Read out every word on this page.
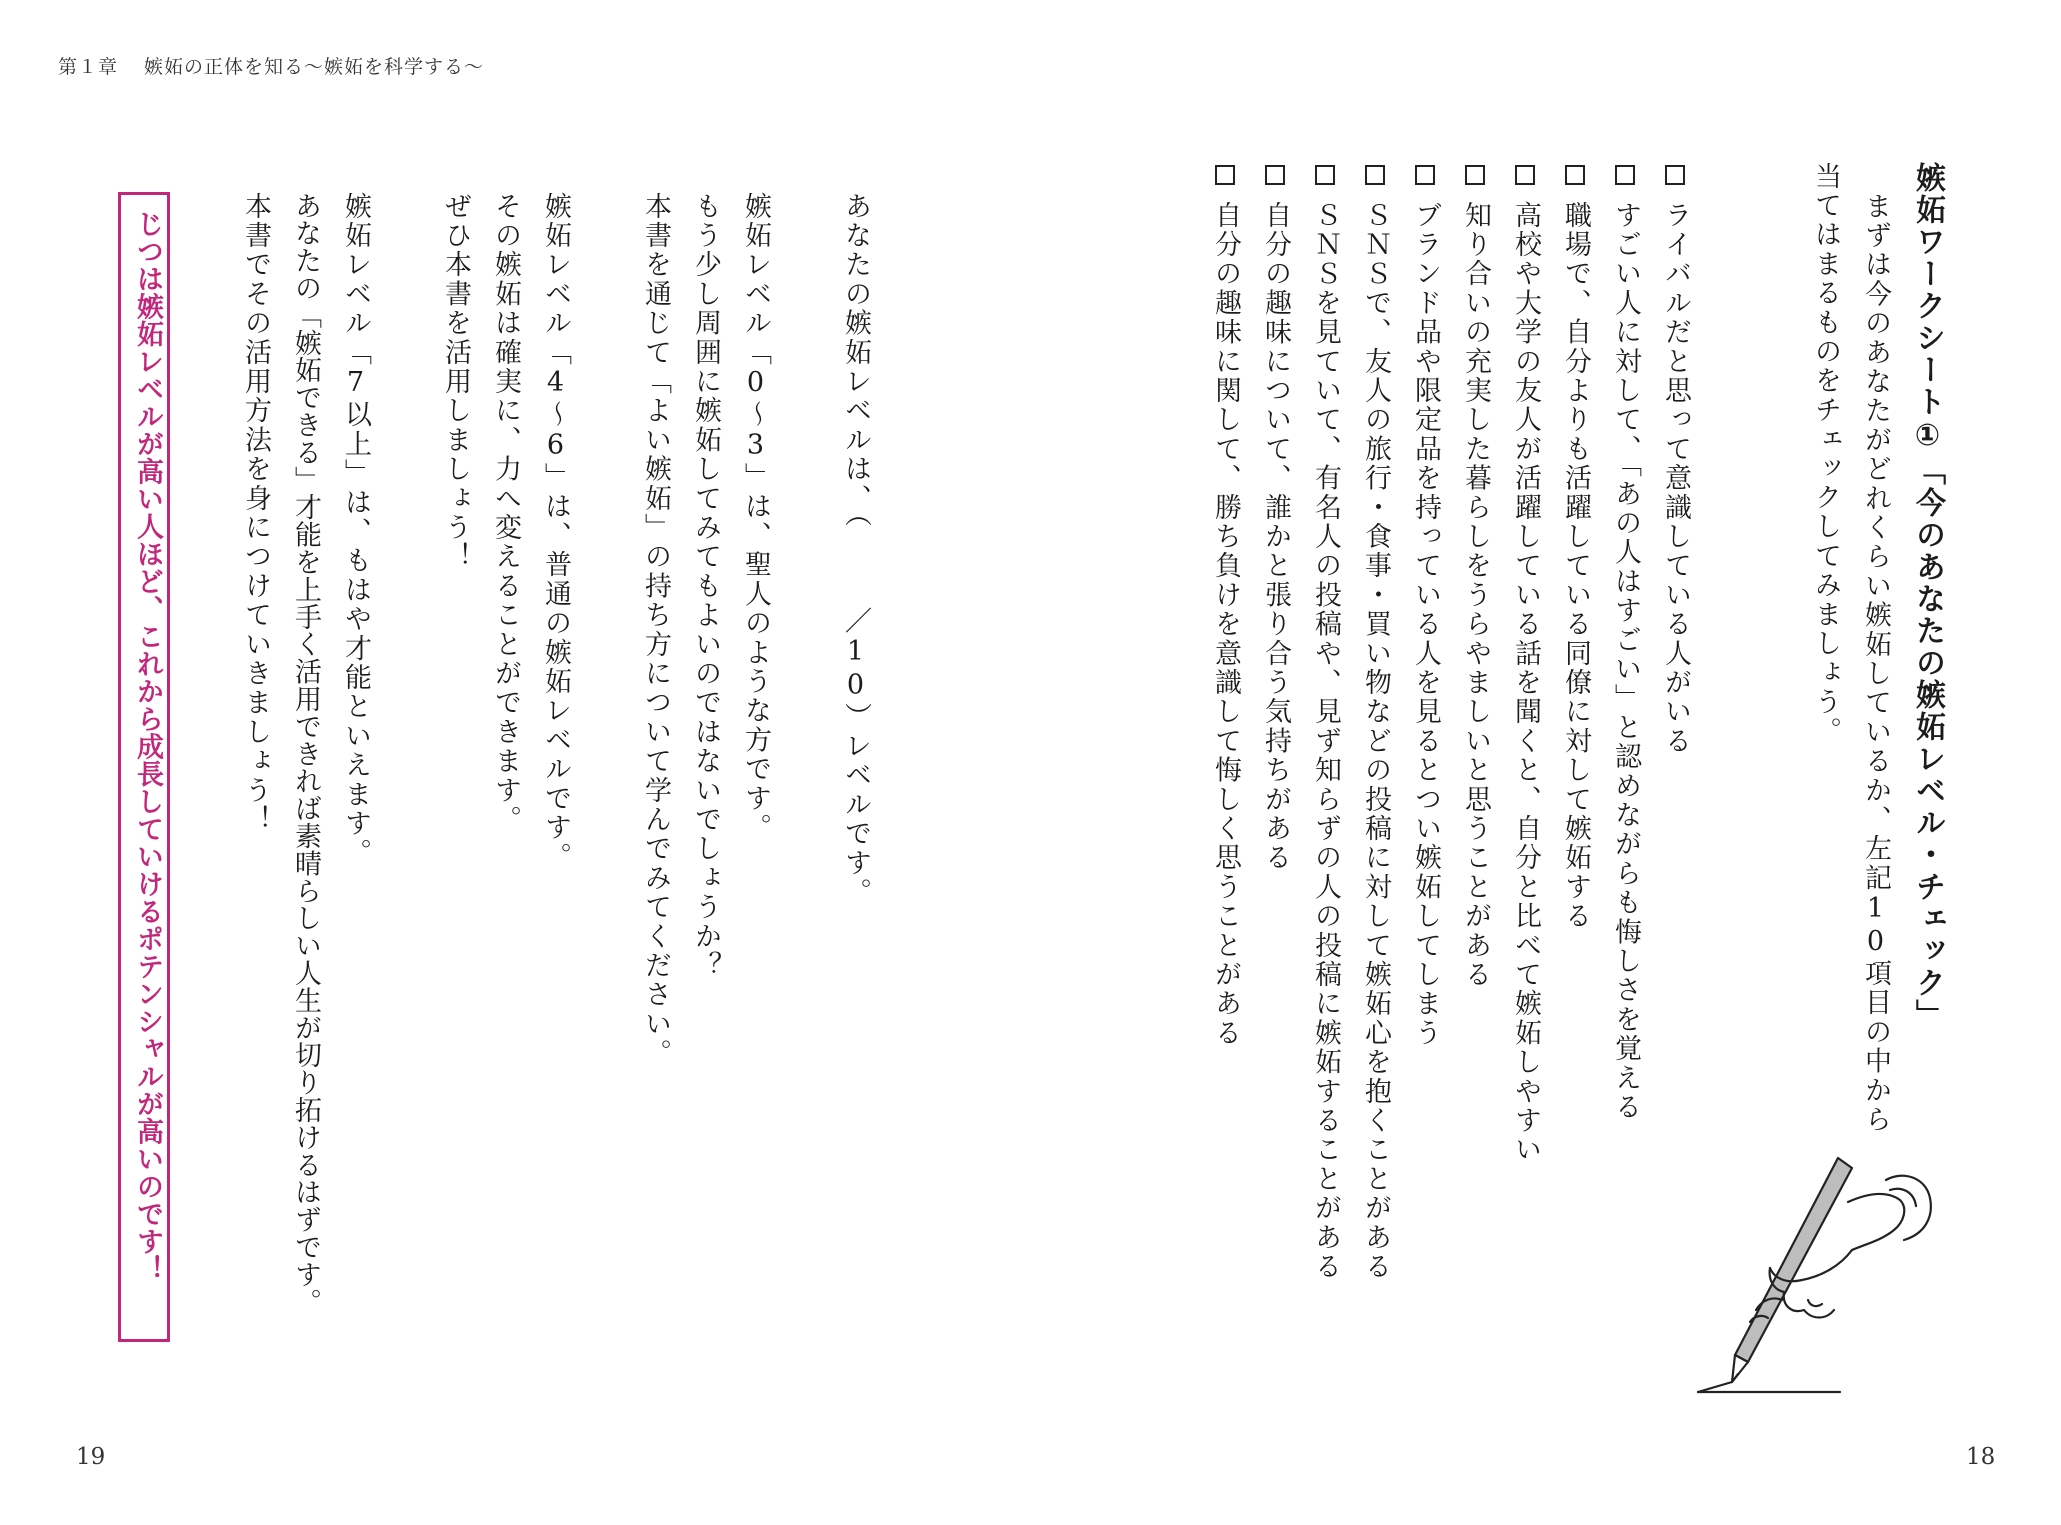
第１章 嫉妬の正体を知る～嫉妬を科学する～
嫉妬ワークシート①「今のあなたの嫉妬レベル・チェック」
まずは今のあなたがどれくらい嫉妬しているか、左記10項目の中から
当てはまるものをチェックしてみましょう。
ライバルだと思って意識している人がいる
すごい人に対して、「あの人はすごい」と認めながらも悔しさを覚える
職場で、自分よりも活躍している同僚に対して嫉妬する
高校や大学の友人が活躍している話を聞くと、自分と比べて嫉妬しやすい
知り合いの充実した暮らしをうらやましいと思うことがある
ブランド品や限定品を持っている人を見るとつい嫉妬してしまう
ＳＮＳで、友人の旅行・食事・買い物などの投稿に対して嫉妬心を抱くことがある
ＳＮＳを見ていて、有名人の投稿や、見ず知らずの人の投稿に嫉妬することがある
自分の趣味について、誰かと張り合う気持ちがある
自分の趣味に関して、勝ち負けを意識して悔しく思うことがある
あなたの嫉妬レベルは、（／10）レベルです。
嫉妬レベル「0～3」は、聖人のような方です。
もう少し周囲に嫉妬してみてもよいのではないでしょうか？
本書を通じて「よい嫉妬」の持ち方について学んでみてください。
嫉妬レベル「4～6」は、普通の嫉妬レベルです。
その嫉妬は確実に、力へ変えることができます。
ぜひ本書を活用しましょう！
嫉妬レベル「7以上」は、もはや才能といえます。
あなたの「嫉妬できる」才能を上手く活用できれば素晴らしい人生が切り拓けるはずです。
本書でその活用方法を身につけていきましょう！
じつは嫉妬レベルが高い人ほど、これから成長していけるポテンシャルが高いのです！
19	18
